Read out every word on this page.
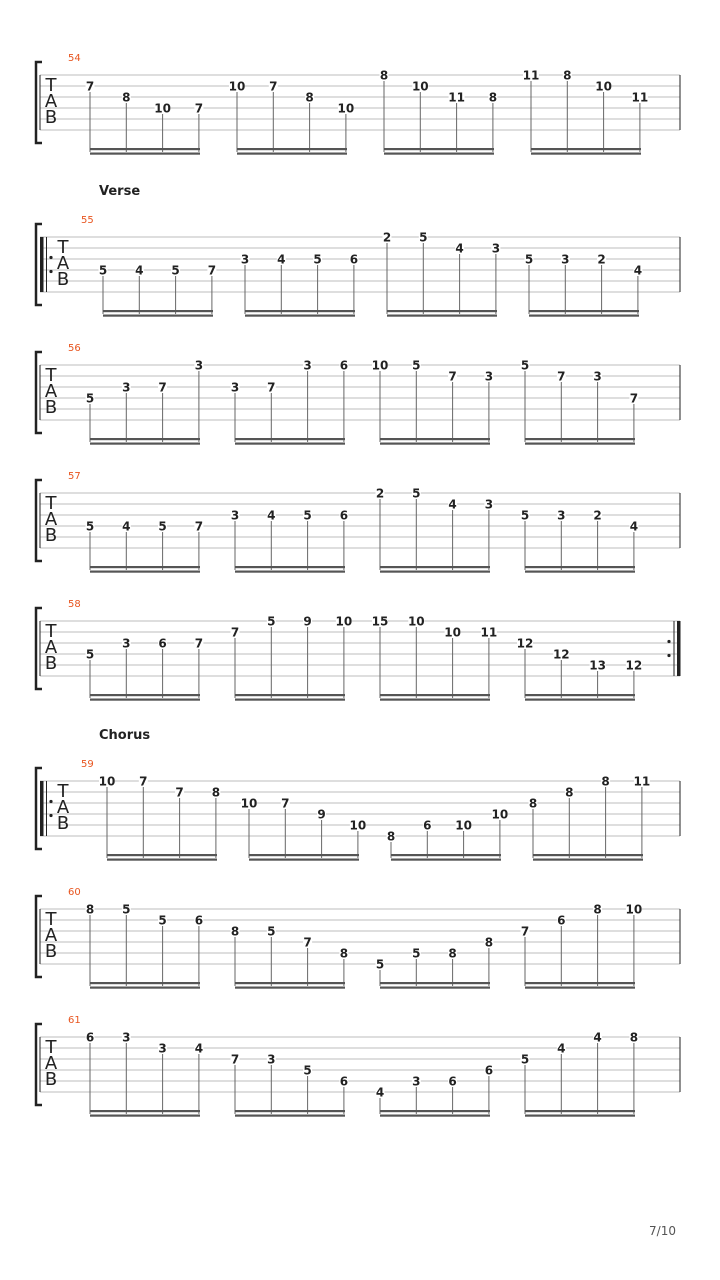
T
A
B
54
7
8
10 7
10 7
8
10
8
10
11 8
11 8
10
11
T
A
B
55
Verse
5 4 5 7
3 4 5 6
2 5
4 3
5 3 2
4
T
A
B
56
5
3 7
3
3 7
3 6 10 5
7 3
5
7 3
7
T
A
B
57
5 4 5 7
3 4 5 6
2 5
4 3
5 3 2
4
T
A
B
58
5
3 6 7
7
5 9 10 15 10
10 11
12
12
13 12
T
A
B
59
Chorus
10 7
7 8
10 7
9
10
8
6 10
10
8
8
8 11
T
A
B
60
8 5
5 6
8 5
7
8
5
5 8
8
7
6
8 10
T
A
B
61
6 3
3 4
7 3
5
6
4
3 6
6
5
4
4 8
7/10
